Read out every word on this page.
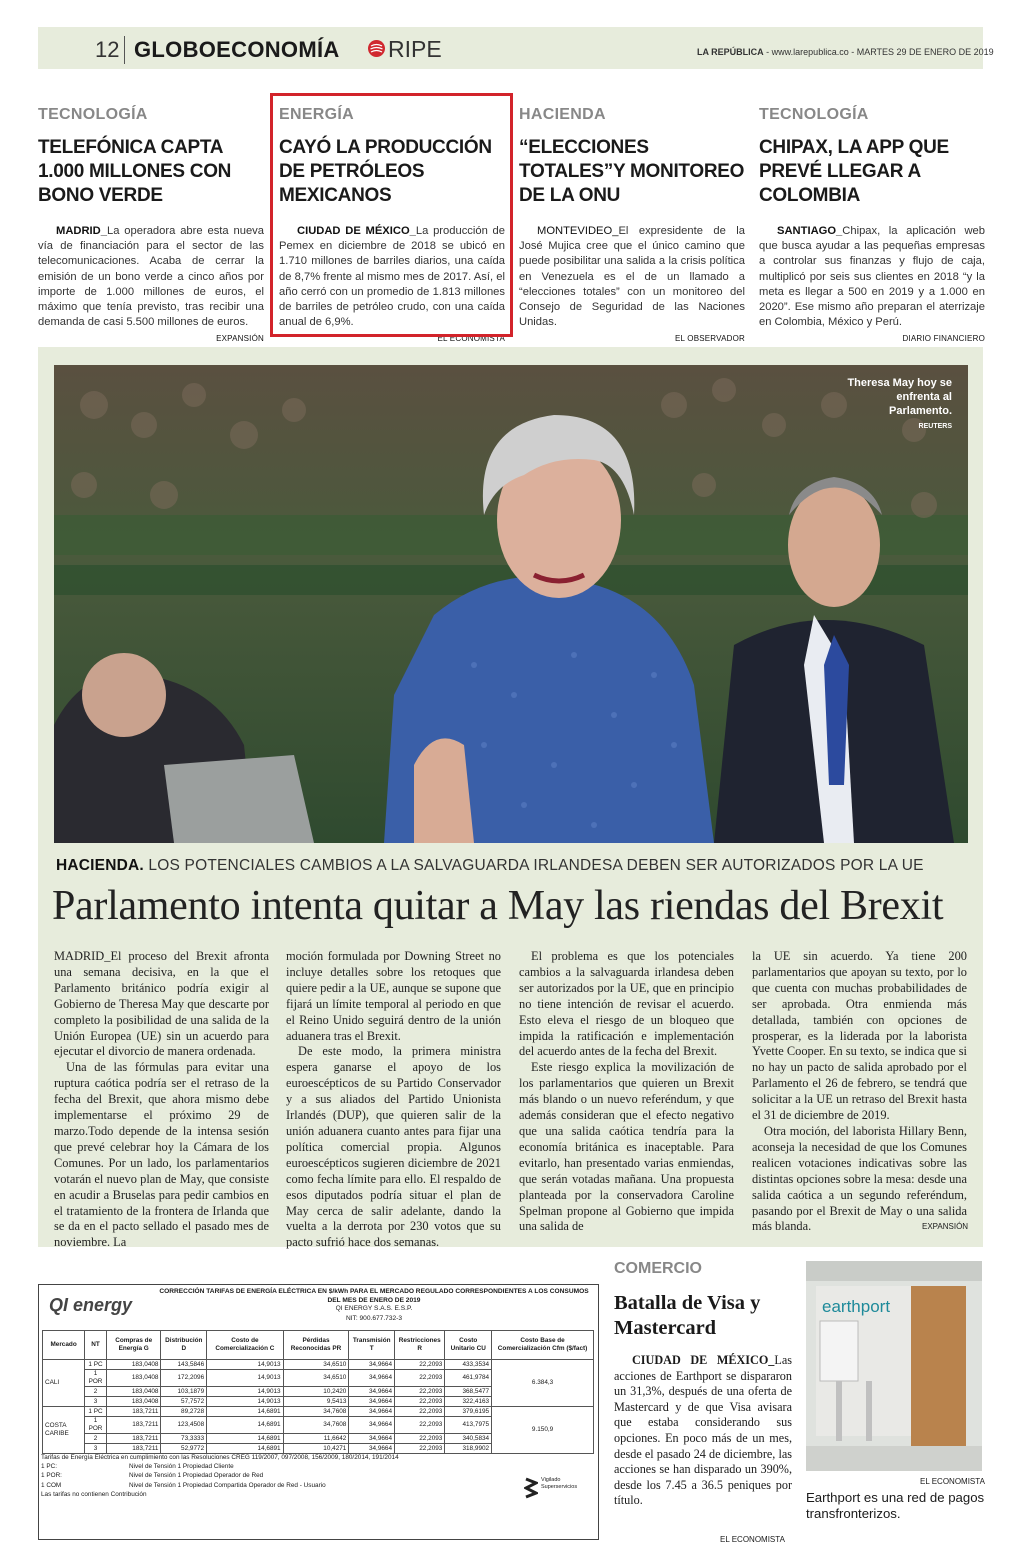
12 GLOBOECONOMÍA RIPE	LA REPÚBLICA - www.larepublica.co - MARTES 29 DE ENERO DE 2019
TECNOLOGÍA
TELEFÓNICA CAPTA 1.000 MILLONES CON BONO VERDE
MADRID_La operadora abre esta nueva vía de financiación para el sector de las telecomunicaciones. Acaba de cerrar la emisión de un bono verde a cinco años por importe de 1.000 millones de euros, el máximo que tenía previsto, tras recibir una demanda de casi 5.500 millones de euros.
EXPANSIÓN
ENERGÍA
CAYÓ LA PRODUCCIÓN DE PETRÓLEOS MEXICANOS
CIUDAD DE MÉXICO_La producción de Pemex en diciembre de 2018 se ubicó en 1.710 millones de barriles diarios, una caída de 8,7% frente al mismo mes de 2017. Así, el año cerró con un promedio de 1.813 millones de barriles de petróleo crudo, con una caída anual de 6,9%.
EL ECONOMISTA
HACIENDA
“ELECCIONES TOTALES”Y MONITOREO DE LA ONU
MONTEVIDEO_El expresidente de la José Mujica cree que el único camino que puede posibilitar una salida a la crisis política en Venezuela es el de un llamado a “elecciones totales” con un monitoreo del Consejo de Seguridad de las Naciones Unidas.
EL OBSERVADOR
TECNOLOGÍA
CHIPAX, LA APP QUE PREVÉ LLEGAR A COLOMBIA
SANTIAGO_Chipax, la aplicación web que busca ayudar a las pequeñas empresas a controlar sus finanzas y flujo de caja, multiplicó por seis sus clientes en 2018 “y la meta es llegar a 500 en 2019 y a 1.000 en 2020”. Ese mismo año preparan el aterrizaje en Colombia, México y Perú.
DIARIO FINANCIERO
Theresa May hoy se enfrenta al Parlamento.
REUTERS
HACIENDA. LOS POTENCIALES CAMBIOS A LA SALVAGUARDA IRLANDESA DEBEN SER AUTORIZADOS POR LA UE
Parlamento intenta quitar a May las riendas del Brexit

MADRID_El proceso del Brexit afronta una semana decisiva, en la que el Parlamento británico podría exigir al Gobierno de Theresa May que descarte por completo la posibilidad de una salida de la Unión Europea (UE) sin un acuerdo para ejecutar el divorcio de manera ordenada.

Una de las fórmulas para evitar una ruptura caótica podría ser el retraso de la fecha del Brexit, que ahora mismo debe implementarse el próximo 29 de marzo.Todo depende de la intensa sesión que prevé celebrar hoy la Cámara de los Comunes. Por un lado, los parlamentarios votarán el nuevo plan de May, que consiste en acudir a Bruselas para pedir cambios en el tratamiento de la frontera de Irlanda que se da en el pacto sellado el pasado mes de noviembre. La

moción formulada por Downing Street no incluye detalles sobre los retoques que quiere pedir a la UE, aunque se supone que fijará un límite temporal al periodo en que el Reino Unido seguirá dentro de la unión aduanera tras el Brexit.

De este modo, la primera ministra espera ganarse el apoyo de los euroescépticos de su Partido Conservador y a sus aliados del Partido Unionista Irlandés (DUP), que quieren salir de la unión aduanera cuanto antes para fijar una política comercial propia. Algunos euroescépticos sugieren diciembre de 2021 como fecha límite para ello. El respaldo de esos diputados podría situar el plan de May cerca de salir adelante, dando la vuelta a la derrota por 230 votos que su pacto sufrió hace dos semanas.

El problema es que los potenciales cambios a la salvaguarda irlandesa deben ser autorizados por la UE, que en principio no tiene intención de revisar el acuerdo. Esto eleva el riesgo de un bloqueo que impida la ratificación e implementación del acuerdo antes de la fecha del Brexit.

Este riesgo explica la movilización de los parlamentarios que quieren un Brexit más blando o un nuevo referéndum, y que además consideran que el efecto negativo que una salida caótica tendría para la economía británica es inaceptable. Para evitarlo, han presentado varias enmiendas, que serán votadas mañana. Una propuesta planteada por la conservadora Caroline Spelman propone al Gobierno que impida una salida de

la UE sin acuerdo. Ya tiene 200 parlamentarios que apoyan su texto, por lo que cuenta con muchas probabilidades de ser aprobada. Otra enmienda más detallada, también con opciones de prosperar, es la liderada por la laborista Yvette Cooper. En su texto, se indica que si no hay un pacto de salida aprobado por el Parlamento el 26 de febrero, se tendrá que solicitar a la UE un retraso del Brexit hasta el 31 de diciembre de 2019.

Otra moción, del laborista Hillary Benn, aconseja la necesidad de que los Comunes realicen votaciones indicativas sobre las distintas opciones sobre la mesa: desde una salida caótica a un segundo referéndum, pasando por el Brexit de May o una salida más blanda.	EXPANSIÓN
QI energy
CORRECCIÓN TARIFAS DE ENERGÍA ELÉCTRICA EN $/kWh PARA EL MERCADO REGULADO CORRESPONDIENTES A LOS CONSUMOS DEL MES DE ENERO DE 2019
QI ENERGY S.A.S. E.S.P.
NIT: 900.677.732-3
Mercado	NT	Compras de Energía G	Distribución D	Costo de Comercialización C	Pérdidas Reconocidas PR	Transmisión T	Restricciones R	Costo Unitario CU	Costo Base de Comercialización Cfm ($/fact)
CALI	1 PC	183,0408	143,5846	14,9013	34,6510	34,9664	22,2093	433,3534	6.384,3
	1 POR	183,0408	172,2096	14,9013	34,6510	34,9664	22,2093	461,9784	
	2	183,0408	103,1879	14,9013	10,2420	34,9664	22,2093	368,5477	
	3	183,0408	57,7572	14,9013	9,5413	34,9664	22,2093	322,4163	
COSTA CARIBE	1 PC	183,7211	89,2728	14,6891	34,7608	34,9664	22,2093	379,6195	9.150,9
	1 POR	183,7211	123,4508	14,6891	34,7608	34,9664	22,2093	413,7975	
	2	183,7211	73,3333	14,6891	11,6642	34,9664	22,2093	340,5834	
	3	183,7211	52,9772	14,6891	10,4271	34,9664	22,2093	318,9902	
Tarifas de Energía Eléctrica en cumplimiento con las Resoluciones CREG 119/2007, 097/2008, 156/2009, 180/2014, 191/2014
1 PC:	Nivel de Tensión 1 Propiedad Cliente
1 POR:	Nivel de Tensión 1 Propiedad Operador de Red
1 COM	Nivel de Tensión 1 Propiedad Compartida Operador de Red - Usuario
Las tarifas no contienen Contribución
Vigilado Superservicios
COMERCIO
Batalla de Visa y Mastercard
CIUDAD DE MÉXICO_Las acciones de Earthport se dispararon un 31,3%, después de una oferta de Mastercard y de que Visa avisara que estaba considerando sus opciones. En poco más de un mes, desde el pasado 24 de diciembre, las acciones se han disparado un 390%, desde los 7.45 a 36.5 peniques por título.
EL ECONOMISTA
earthport
EL ECONOMISTA
Earthport es una red de pagos transfronterizos.
